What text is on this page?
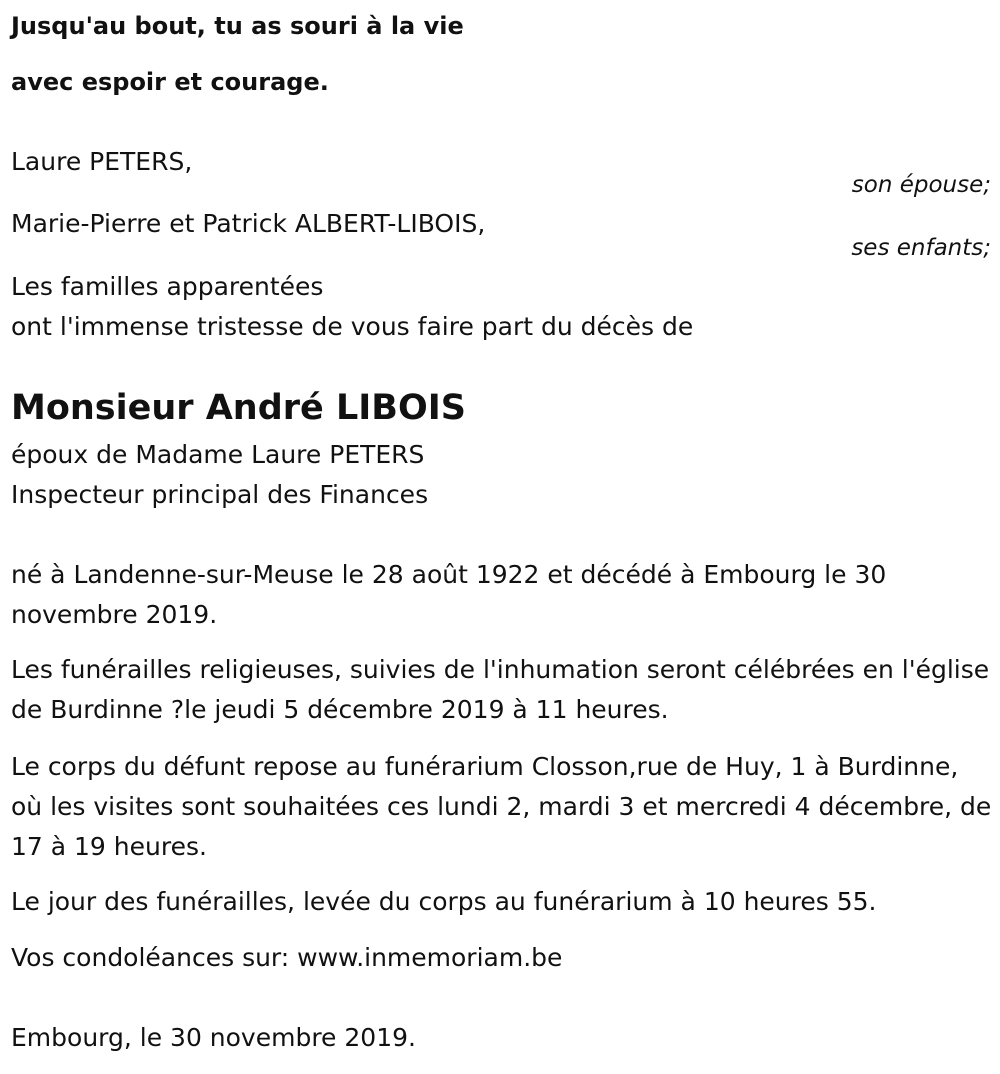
Jusqu'au bout, tu as souri à la vie

avec espoir et courage.

Laure PETERS,
son épouse;
Marie-Pierre et Patrick ALBERT-LIBOIS,
ses enfants;
Les familles apparentées
ont l'immense tristesse de vous faire part du décès de
Monsieur André LIBOIS
époux de Madame Laure PETERS
Inspecteur principal des Finances
né à Landenne-sur-Meuse le 28 août 1922 et décédé à Embourg le 30 novembre 2019.
Les funérailles religieuses, suivies de l'inhumation seront célébrées en l'église de Burdinne ?le jeudi 5 décembre 2019 à 11 heures.
Le corps du défunt repose au funérarium Closson,rue de Huy, 1 à Burdinne, où les visites sont souhaitées ces lundi 2, mardi 3 et mercredi 4 décembre, de 17 à 19 heures.
Le jour des funérailles, levée du corps au funérarium à 10 heures 55.
Vos condoléances sur: www.inmemoriam.be
Embourg, le 30 novembre 2019.
